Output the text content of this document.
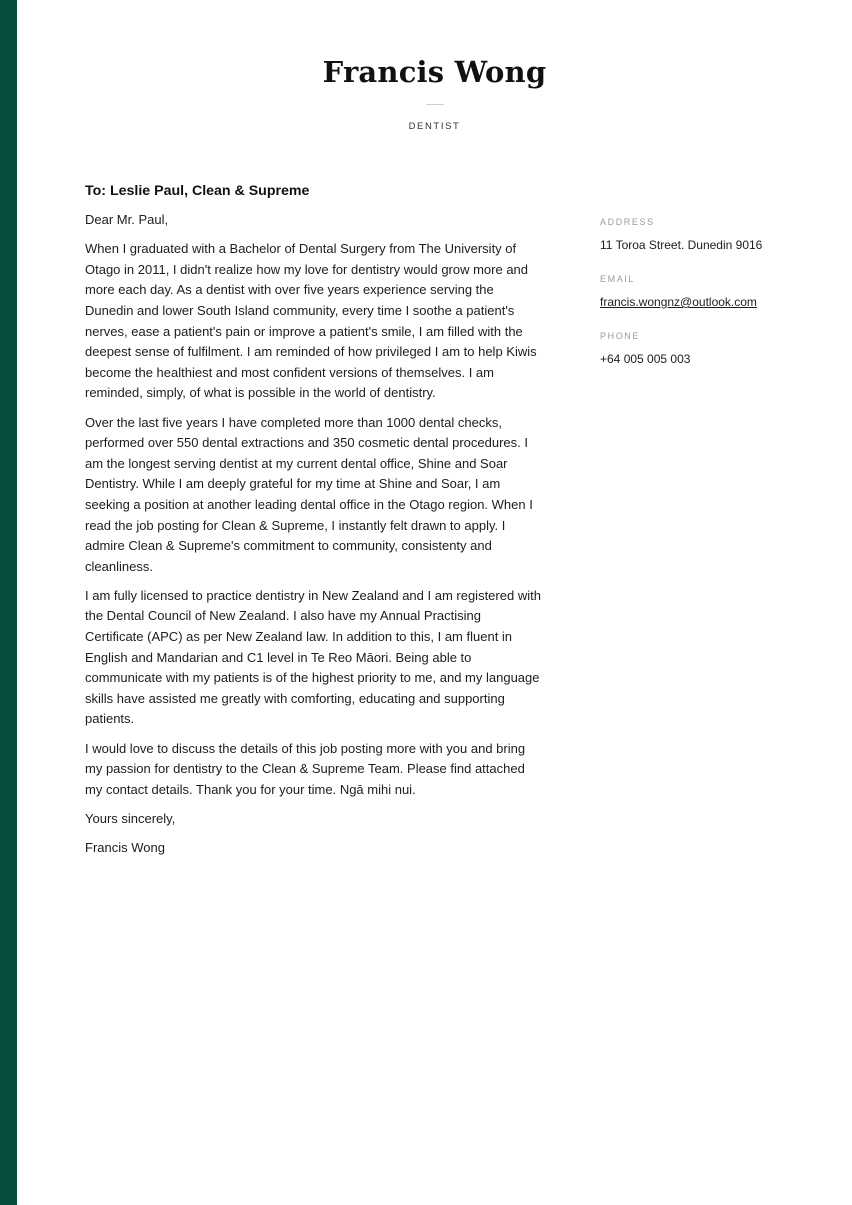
Francis Wong
DENTIST
To: Leslie Paul, Clean & Supreme

Dear Mr. Paul,

When I graduated with a Bachelor of Dental Surgery from The University of Otago in 2011, I didn't realize how my love for dentistry would grow more and more each day. As a dentist with over five years experience serving the Dunedin and lower South Island community, every time I soothe a patient's nerves, ease a patient's pain or improve a patient's smile, I am filled with the deepest sense of fulfilment. I am reminded of how privileged I am to help Kiwis become the healthiest and most confident versions of themselves. I am reminded, simply, of what is possible in the world of dentistry.

Over the last five years I have completed more than 1000 dental checks, performed over 550 dental extractions and 350 cosmetic dental procedures. I am the longest serving dentist at my current dental office, Shine and Soar Dentistry. While I am deeply grateful for my time at Shine and Soar, I am seeking a position at another leading dental office in the Otago region. When I read the job posting for Clean & Supreme, I instantly felt drawn to apply. I admire Clean & Supreme's commitment to community, consistenty and cleanliness.

I am fully licensed to practice dentistry in New Zealand and I am registered with the Dental Council of New Zealand. I also have my Annual Practising Certificate (APC) as per New Zealand law. In addition to this, I am fluent in English and Mandarian and C1 level in Te Reo Māori. Being able to communicate with my patients is of the highest priority to me, and my language skills have assisted me greatly with comforting, educating and supporting patients.

I would love to discuss the details of this job posting more with you and bring my passion for dentistry to the Clean & Supreme Team. Please find attached my contact details. Thank you for your time. Ngā mihi nui.

Yours sincerely,

Francis Wong

ADDRESS
11 Toroa Street. Dunedin 9016
EMAIL
francis.wongnz@outlook.com
PHONE
+64 005 005 003
